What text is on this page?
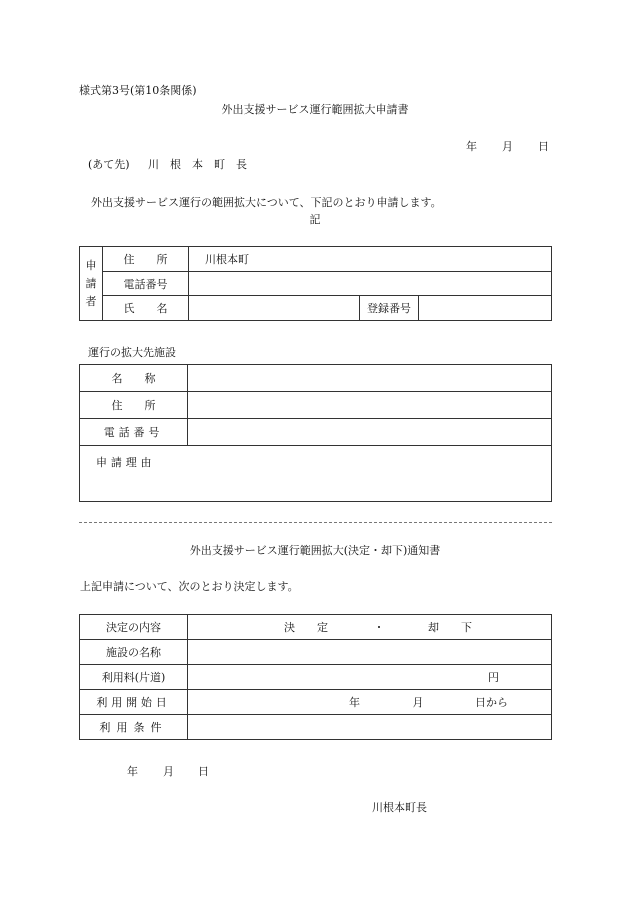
様式第3号(第10条関係)
外出支援サービス運行範囲拡大申請書
年 月 日
(あて先) 川　根　本　町　長
外出支援サービス運行の範囲拡大について、下記のとおり申請します。
記
申請者	住　　所	川根本町		
	電話番号			
	氏　　名		登録番号	
運行の拡大先施設
名　　称	
住　　所	
電話番号	
申請理由	
外出支援サービス運行範囲拡大(決定・却下)通知書
上記申請について、次のとおり決定します。
決定の内容	決　　定 ・ 却　　下
施設の名称	
利用料(片道)	円
利用開始日	年 月 日から
利用条件	
年 月 日
川根本町長
